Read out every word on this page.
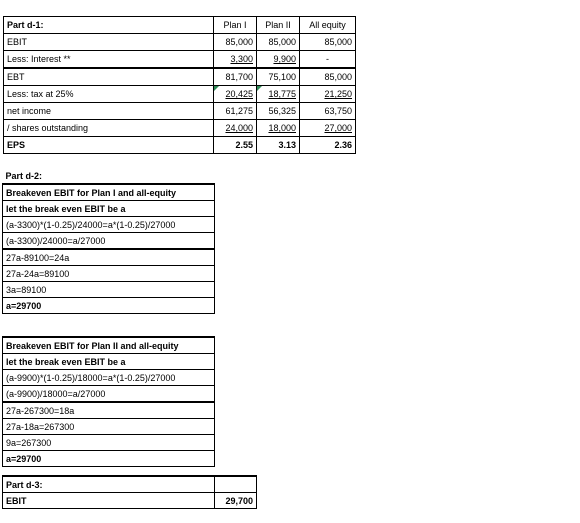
Part d-1:	Plan I	Plan II	All equity
EBIT	85,000	85,000	85,000
Less: Interest **	3,300	9,900	-
EBT	81,700	75,100	85,000
Less: tax at 25%	20,425	18,775	21,250
net income	61,275	56,325	63,750
/ shares outstanding	24,000	18,000	27,000
EPS	2.55	3.13	2.36
Part d-2:
Breakeven EBIT for Plan I and all-equity
let the break even EBIT be a
(a-3300)*(1-0.25)/24000=a*(1-0.25)/27000
(a-3300)/24000=a/27000
27a-89100=24a
27a-24a=89100
3a=89100
a=29700
Breakeven EBIT for Plan II and all-equity
let the break even EBIT be a
(a-9900)*(1-0.25)/18000=a*(1-0.25)/27000
(a-9900)/18000=a/27000
27a-267300=18a
27a-18a=267300
9a=267300
a=29700
Part d-3:	
EBIT	29,700
